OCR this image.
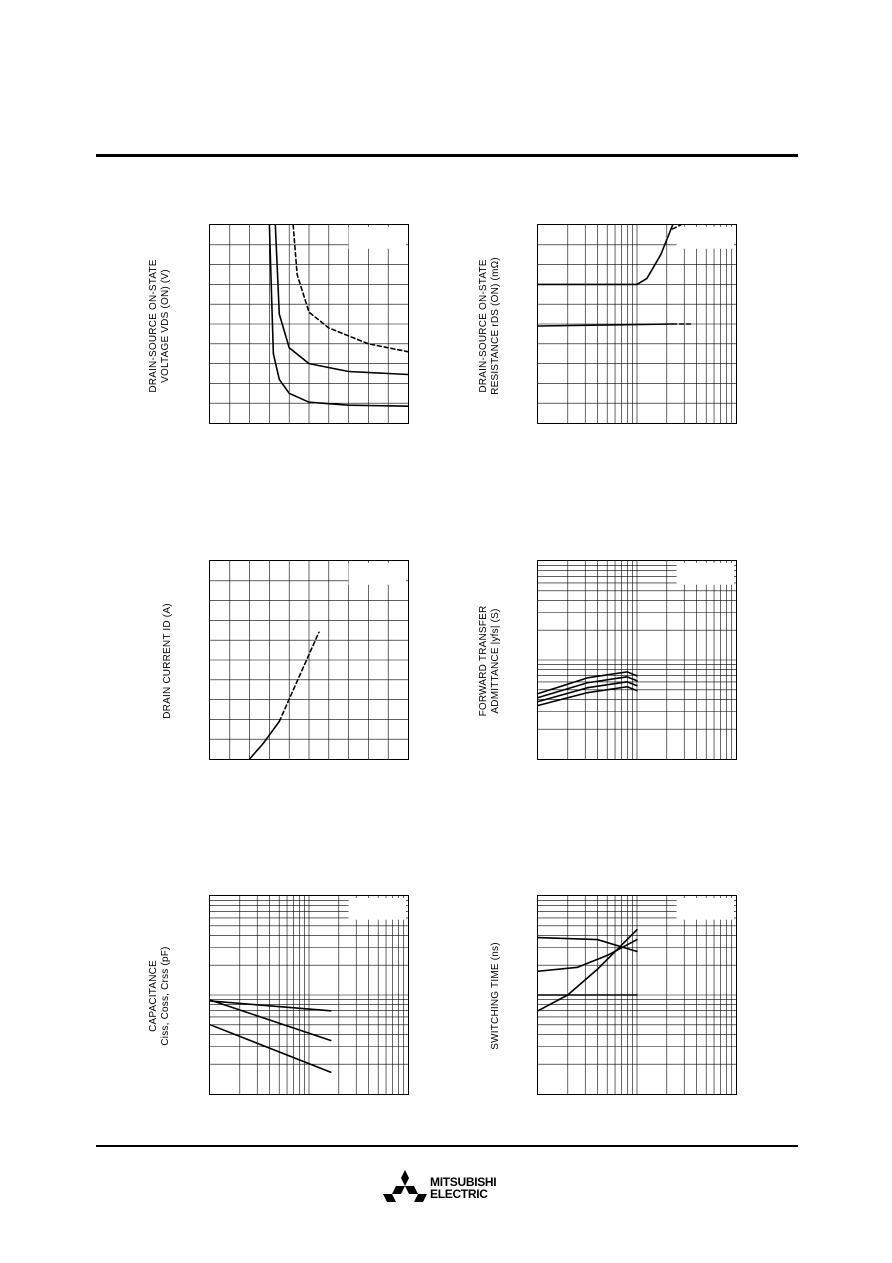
DRAIN-SOURCE ON-STATE VOLTAGE VDS (ON) (V)	DRAIN-SOURCE ON-STATE RESISTANCE rDS (ON) (mΩ)
DRAIN CURRENT ID (A)	FORWARD TRANSFER ADMITTANCE |yfs| (S)
CAPACITANCE Ciss, Coss, Crss (pF)	SWITCHING TIME (ns)
MITSUBISHI
ELECTRIC
